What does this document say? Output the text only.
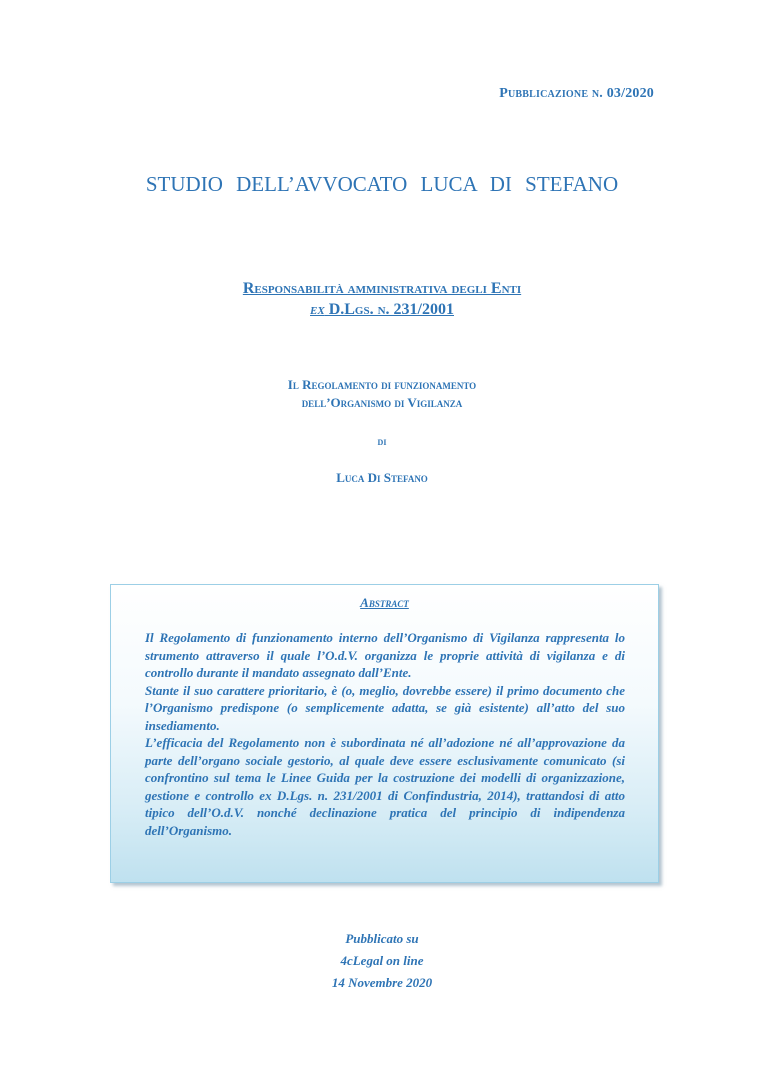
Pubblicazione n. 03/2020
STUDIO DELL’AVVOCATO LUCA DI STEFANO
Responsabilità amministrativa degli Enti
ex D.Lgs. n. 231/2001
Il Regolamento di funzionamento
dell’Organismo di Vigilanza
di
Luca Di Stefano
Abstract

Il Regolamento di funzionamento interno dell’Organismo di Vigilanza rappresenta lo strumento attraverso il quale l’O.d.V. organizza le proprie attività di vigilanza e di controllo durante il mandato assegnato dall’Ente.

Stante il suo carattere prioritario, è (o, meglio, dovrebbe essere) il primo documento che l’Organismo predispone (o semplicemente adatta, se già esistente) all’atto del suo insediamento.

L’efficacia del Regolamento non è subordinata né all’adozione né all’approvazione da parte dell’organo sociale gestorio, al quale deve essere esclusivamente comunicato (si confrontino sul tema le Linee Guida per la costruzione dei modelli di organizzazione, gestione e controllo ex D.Lgs. n. 231/2001 di Confindustria, 2014), trattandosi di atto tipico dell’O.d.V. nonché declinazione pratica del principio di indipendenza dell’Organismo.

Pubblicato su
4cLegal on line
14 Novembre 2020
